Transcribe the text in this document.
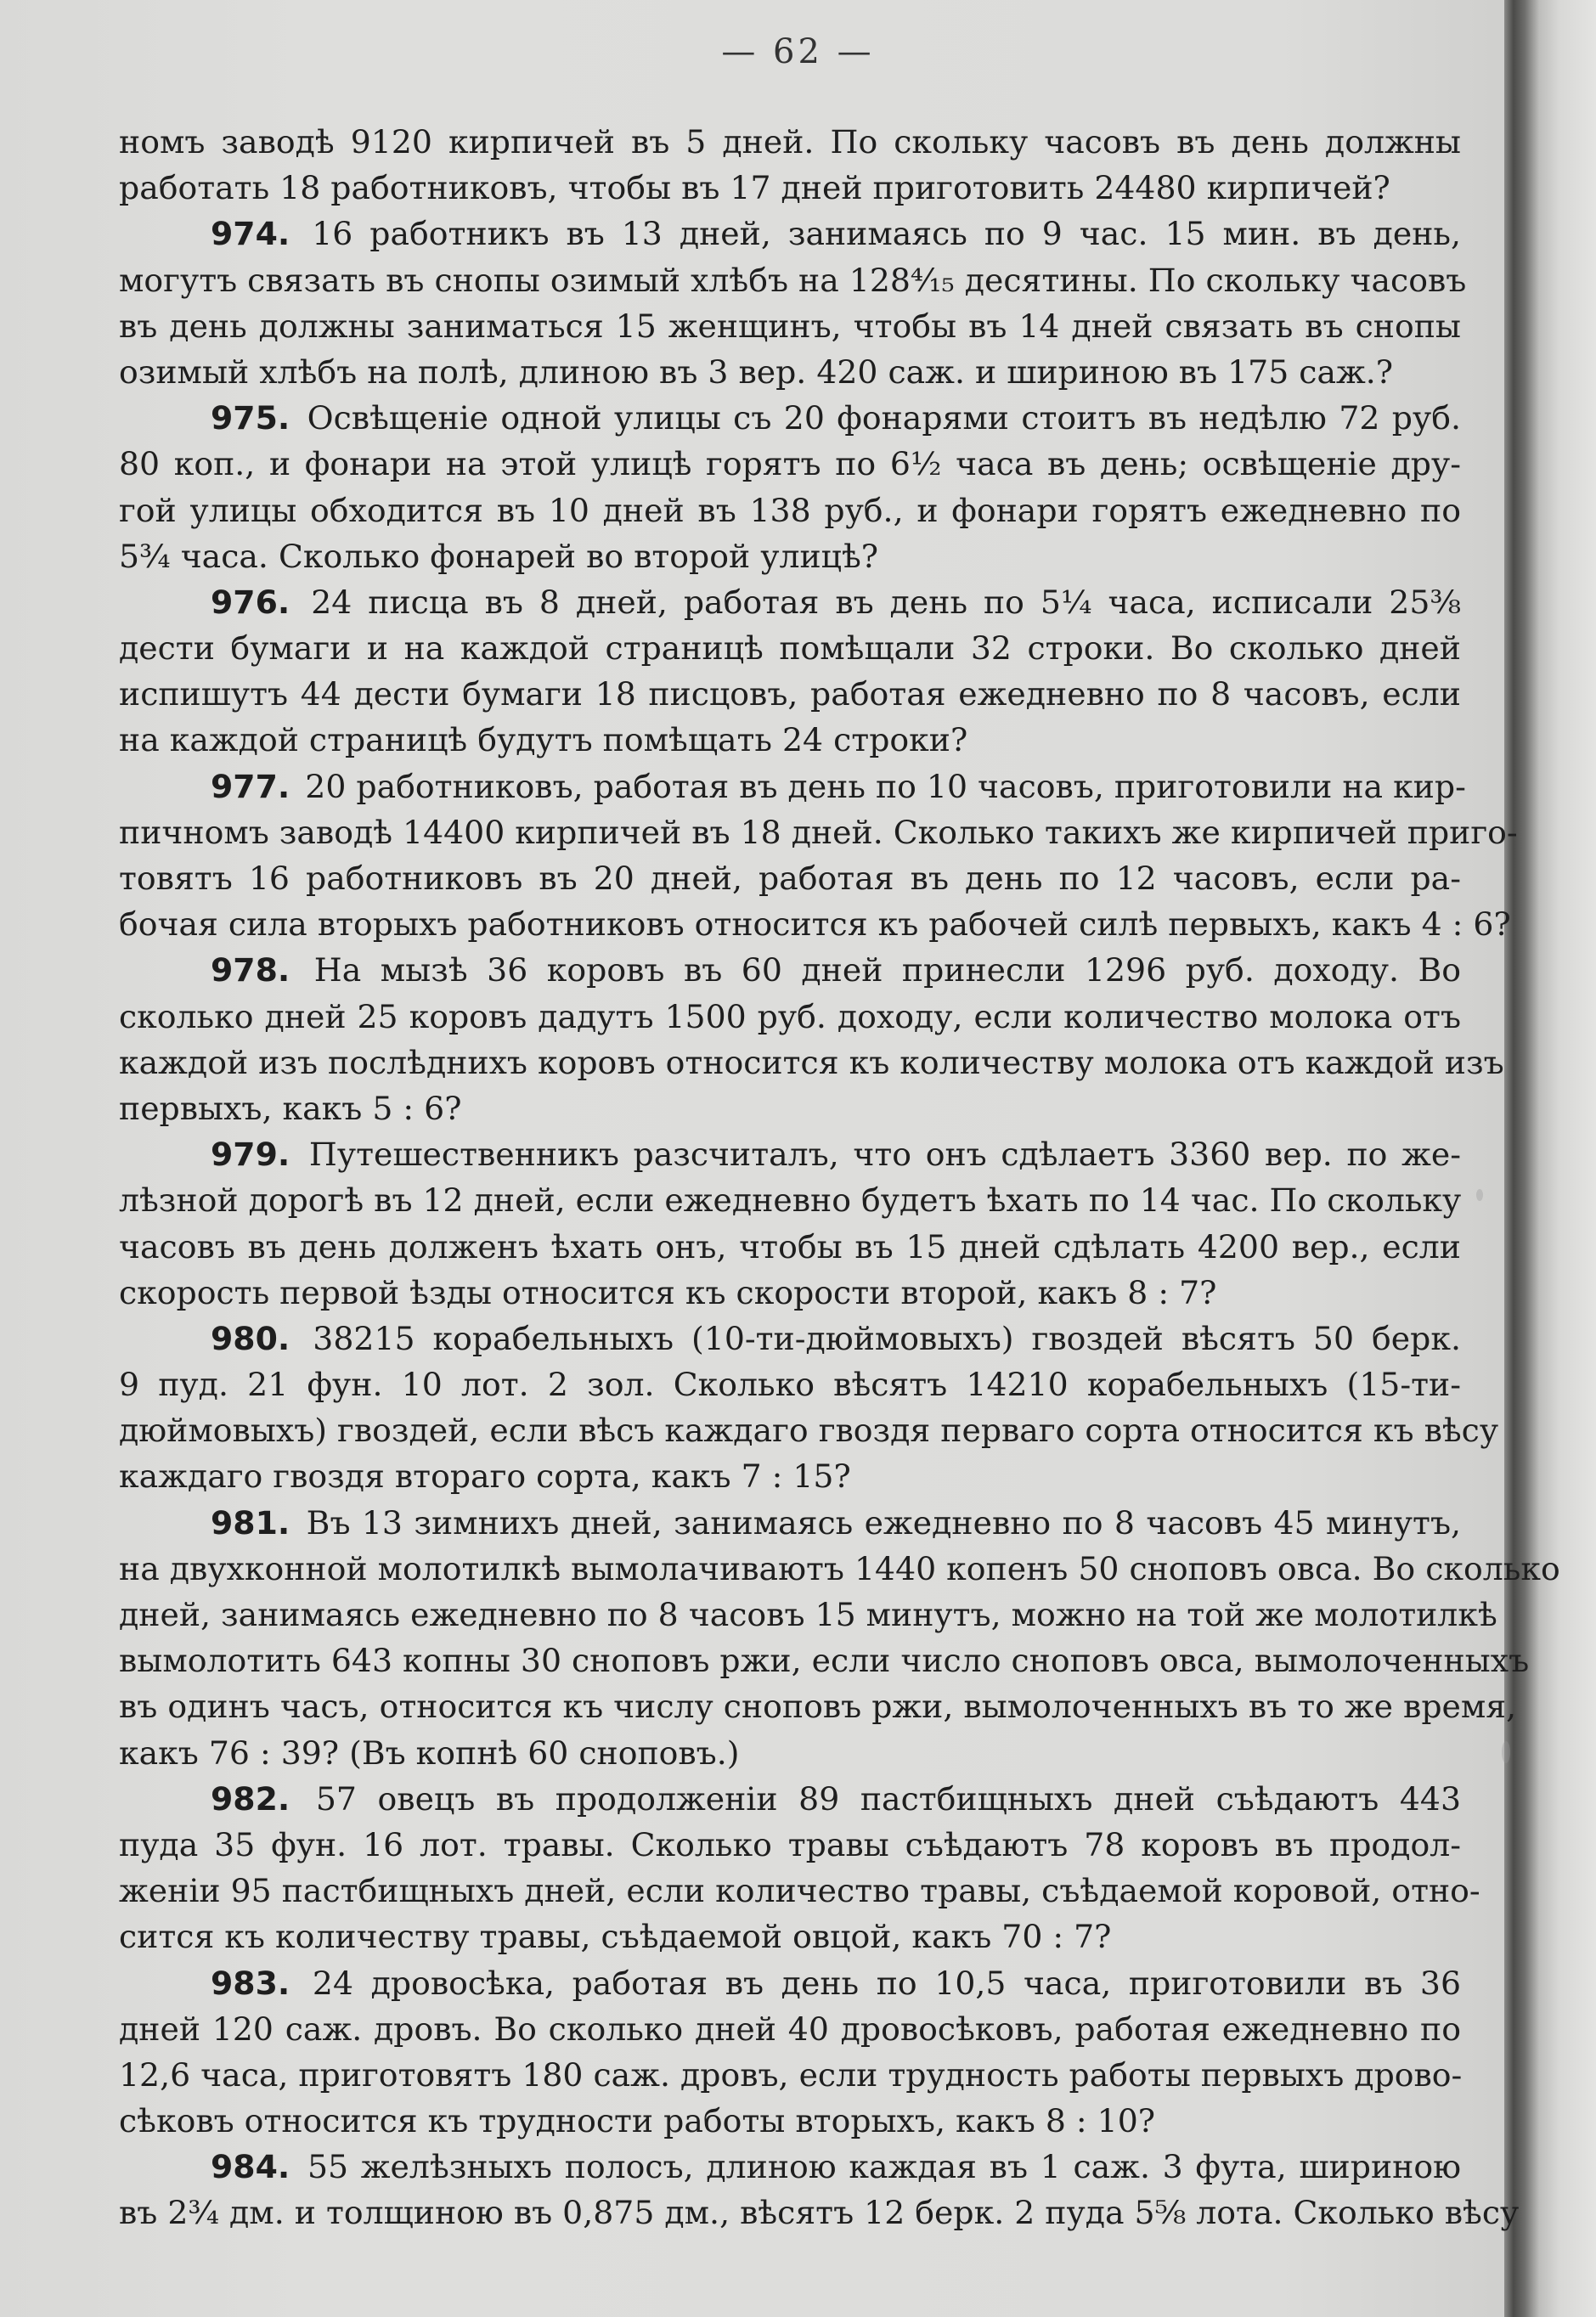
— 62 —
номъ заводѣ 9120 кирпичей въ 5 дней. По скольку часовъ въ день должны
работать 18 работниковъ, чтобы въ 17 дней приготовить 24480 кирпичей?
974. 16 работникъ въ 13 дней, занимаясь по 9 час. 15 мин. въ день,
могутъ связать въ снопы озимый хлѣбъ на 128⁴⁄₁₅ десятины. По скольку часовъ
въ день должны заниматься 15 женщинъ, чтобы въ 14 дней связать въ снопы
озимый хлѣбъ на полѣ, длиною въ 3 вер. 420 саж. и шириною въ 175 саж.?
975. Освѣщеніе одной улицы съ 20 фонарями стоитъ въ недѣлю 72 руб.
80 коп., и фонари на этой улицѣ горятъ по 6½ часа въ день; освѣщеніе дру-
гой улицы обходится въ 10 дней въ 138 руб., и фонари горятъ ежедневно по
5¾ часа. Сколько фонарей во второй улицѣ?
976. 24 писца въ 8 дней, работая въ день по 5¼ часа, исписали 25⅜
дести бумаги и на каждой страницѣ помѣщали 32 строки. Во сколько дней
испишутъ 44 дести бумаги 18 писцовъ, работая ежедневно по 8 часовъ, если
на каждой страницѣ будутъ помѣщать 24 строки?
977. 20 работниковъ, работая въ день по 10 часовъ, приготовили на кир-
пичномъ заводѣ 14400 кирпичей въ 18 дней. Сколько такихъ же кирпичей приго-
товятъ 16 работниковъ въ 20 дней, работая въ день по 12 часовъ, если ра-
бочая сила вторыхъ работниковъ относится къ рабочей силѣ первыхъ, какъ 4 : 6?
978. На мызѣ 36 коровъ въ 60 дней принесли 1296 руб. доходу. Во
сколько дней 25 коровъ дадутъ 1500 руб. доходу, если количество молока отъ
каждой изъ послѣднихъ коровъ относится къ количеству молока отъ каждой изъ
первыхъ, какъ 5 : 6?
979. Путешественникъ разсчиталъ, что онъ сдѣлаетъ 3360 вер. по же-
лѣзной дорогѣ въ 12 дней, если ежедневно будетъ ѣхать по 14 час. По скольку
часовъ въ день долженъ ѣхать онъ, чтобы въ 15 дней сдѣлать 4200 вер., если
скорость первой ѣзды относится къ скорости второй, какъ 8 : 7?
980. 38215 корабельныхъ (10-ти-дюймовыхъ) гвоздей вѣсятъ 50 берк.
9 пуд. 21 фун. 10 лот. 2 зол. Сколько вѣсятъ 14210 корабельныхъ (15-ти-
дюймовыхъ) гвоздей, если вѣсъ каждаго гвоздя перваго сорта относится къ вѣсу
каждаго гвоздя втораго сорта, какъ 7 : 15?
981. Въ 13 зимнихъ дней, занимаясь ежедневно по 8 часовъ 45 минутъ,
на двухконной молотилкѣ вымолачиваютъ 1440 копенъ 50 сноповъ овса. Во сколько
дней, занимаясь ежедневно по 8 часовъ 15 минутъ, можно на той же молотилкѣ
вымолотить 643 копны 30 сноповъ ржи, если число сноповъ овса, вымолоченныхъ
въ одинъ часъ, относится къ числу сноповъ ржи, вымолоченныхъ въ то же время,
какъ 76 : 39? (Въ копнѣ 60 сноповъ.)
982. 57 овецъ въ продолженіи 89 пастбищныхъ дней съѣдаютъ 443
пуда 35 фун. 16 лот. травы. Сколько травы съѣдаютъ 78 коровъ въ продол-
женіи 95 пастбищныхъ дней, если количество травы, съѣдаемой коровой, отно-
сится къ количеству травы, съѣдаемой овцой, какъ 70 : 7?
983. 24 дровосѣка, работая въ день по 10,5 часа, приготовили въ 36
дней 120 саж. дровъ. Во сколько дней 40 дровосѣковъ, работая ежедневно по
12,6 часа, приготовятъ 180 саж. дровъ, если трудность работы первыхъ дрово-
сѣковъ относится къ трудности работы вторыхъ, какъ 8 : 10?
984. 55 желѣзныхъ полосъ, длиною каждая въ 1 саж. 3 фута, шириною
въ 2¾ дм. и толщиною въ 0,875 дм., вѣсятъ 12 берк. 2 пуда 5⅝ лота. Сколько вѣсу
